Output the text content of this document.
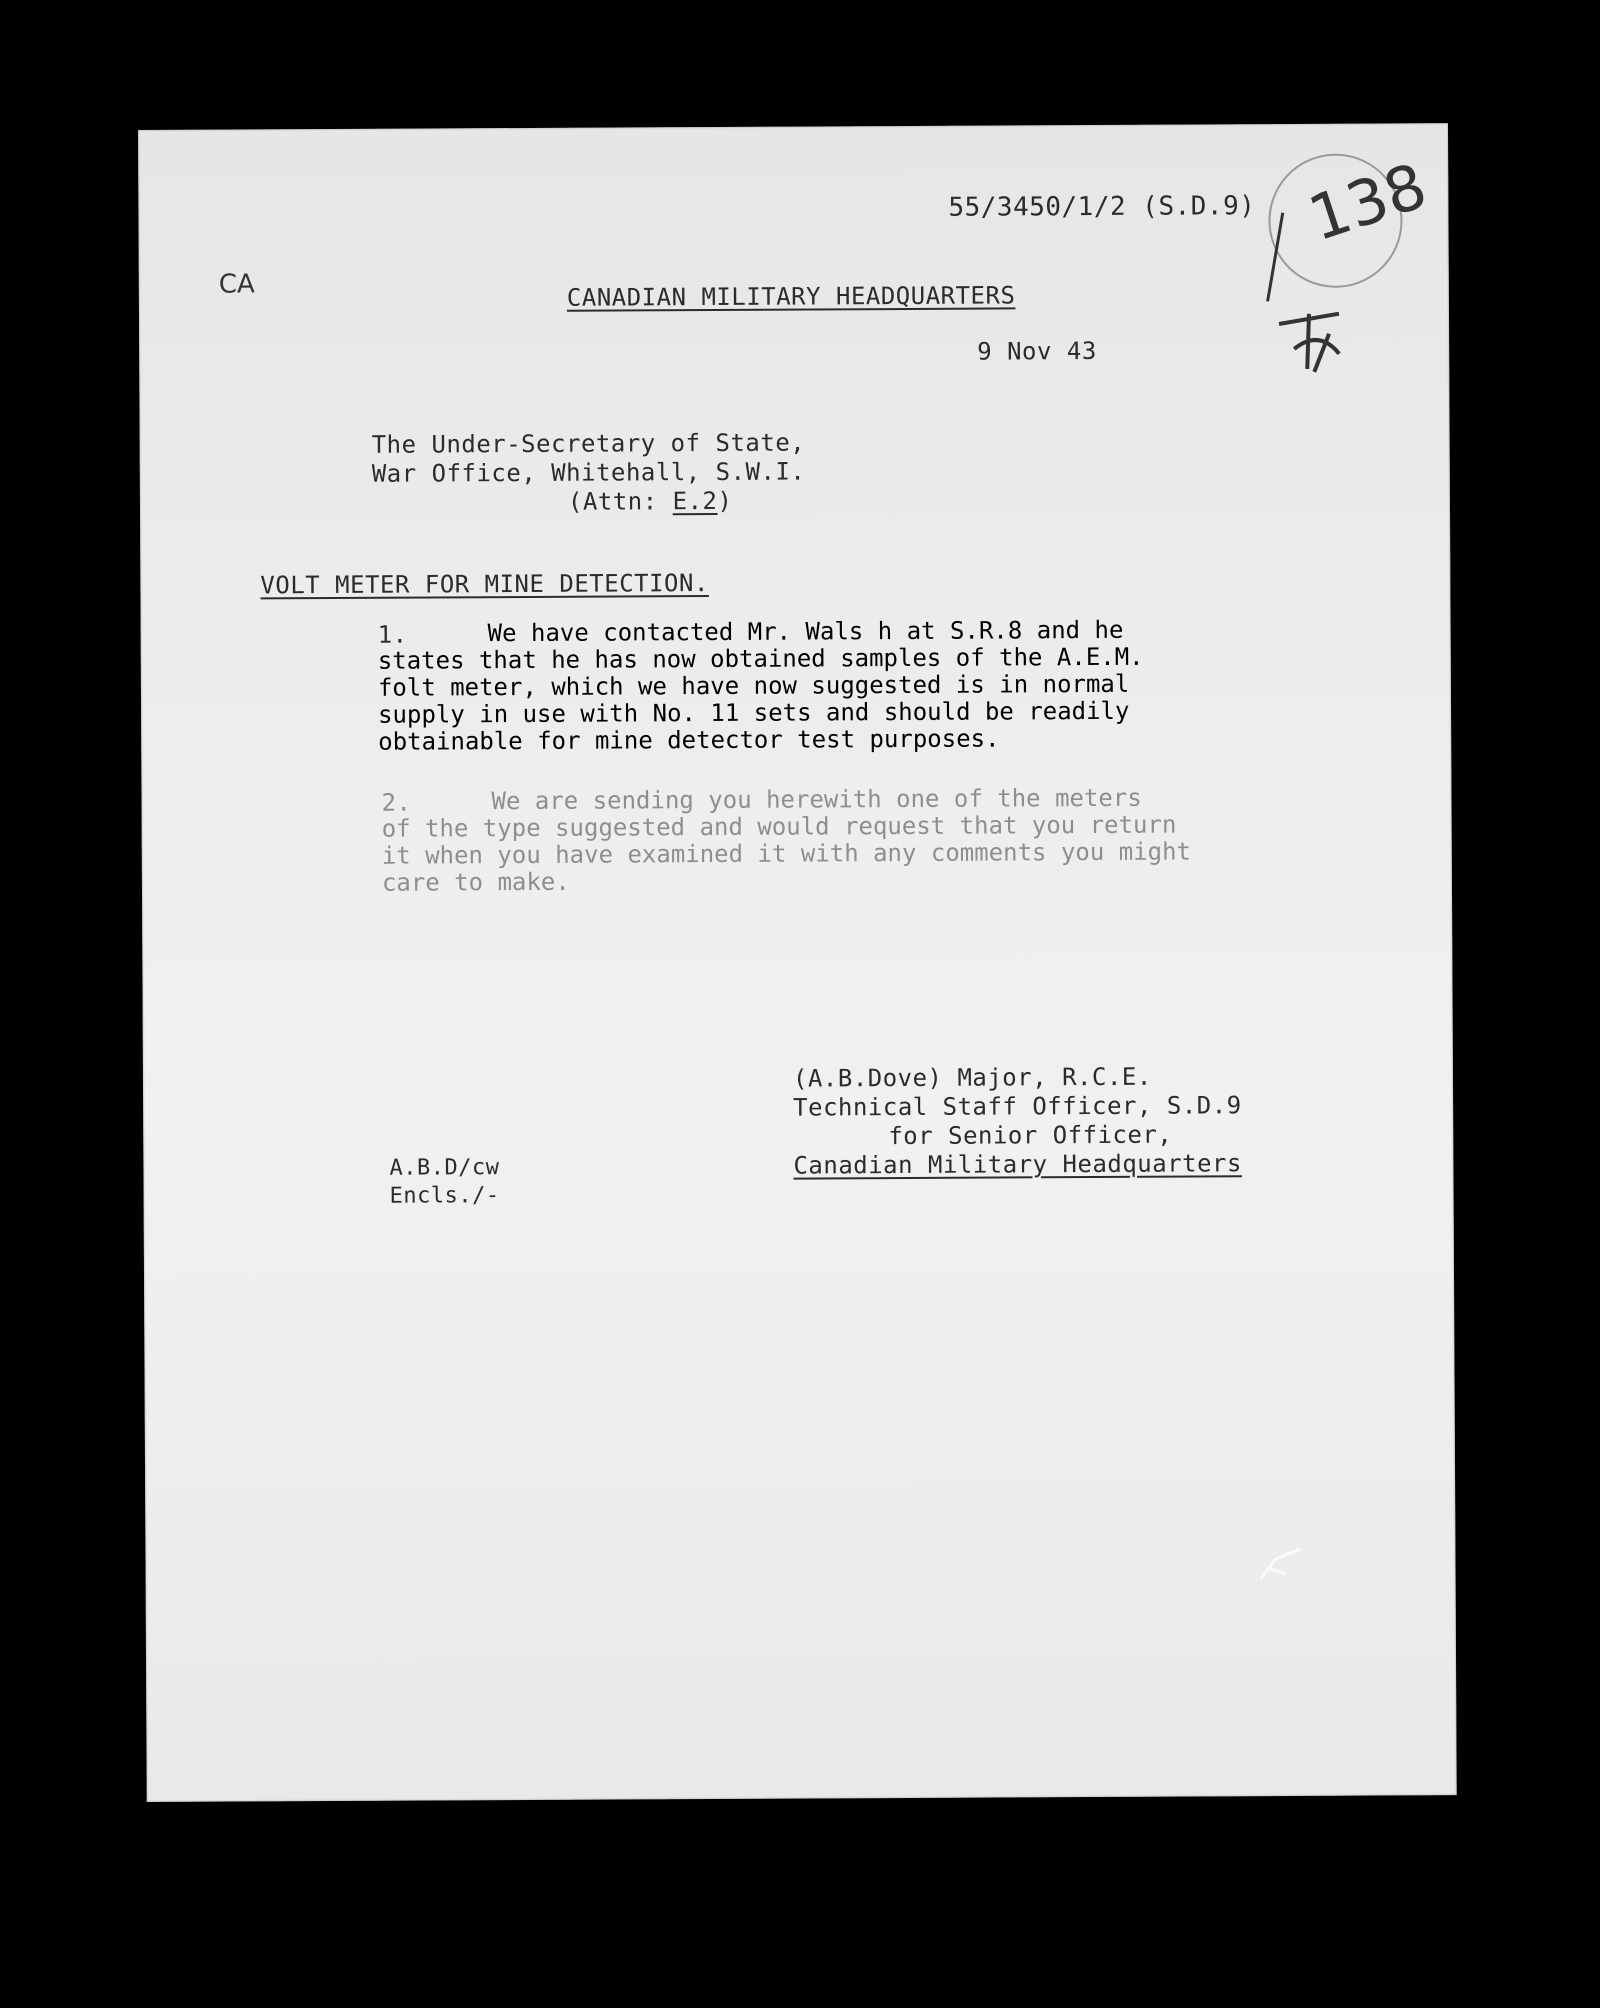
CA
55/3450/1/2 (S.D.9) 138
CANADIAN MILITARY HEADQUARTERS
9 Nov 43
The Under-Secretary of State,
War Office, Whitehall, S.W.I.
(Attn: E.2)
VOLT METER FOR MINE DETECTION.
1.	We have contacted Mr. Wals h at S.R.8 and he
states that he has now obtained samples of the A.E.M.
folt meter, which we have now suggested is in normal
supply in use with No. 11 sets and should be readily
obtainable for mine detector test purposes.
2.	We are sending you herewith one of the meters
of the type suggested and would request that you return
it when you have examined it with any comments you might
care to make.
(A.B.Dove) Major, R.C.E.
Technical Staff Officer, S.D.9
for Senior Officer,
Canadian Military Headquarters
A.B.D/cw
Encls./-
